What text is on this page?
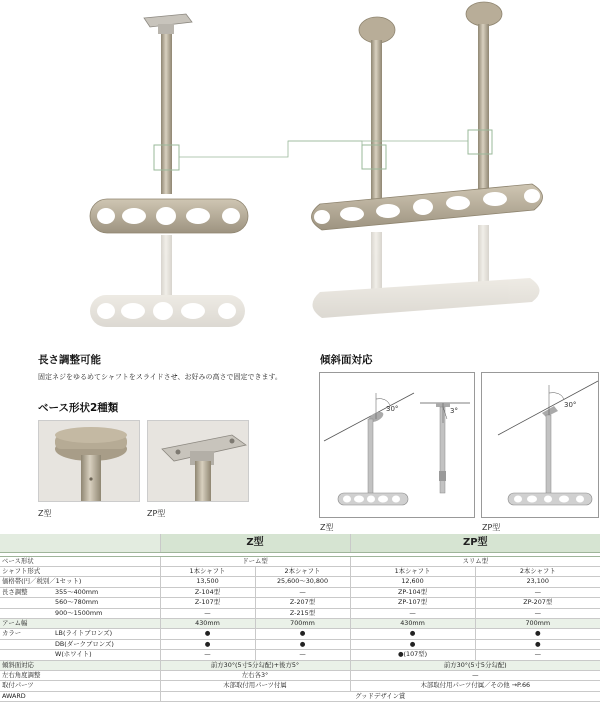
長さ調整可能
固定ネジをゆるめてシャフトをスライドさせ、お好みの高さで固定できます。
ベース形状2種類
Z型	ZP型
傾斜面対応
30°	3°
Z型
30°
ZP型
	Z型		ZP型	

ベース形状	ドーム型		スリム型	
シャフト形式	1本シャフト	2本シャフト	1本シャフト	2本シャフト
価格帯(円／税別／1セット)	13,500	25,600〜30,800	12,600	23,100
長さ調整 355〜400mm	Z-104型	—	ZP-104型	—
560〜780mm	Z-107型	Z-207型	ZP-107型	ZP-207型
900〜1500mm	—	Z-215型	—	—
アーム幅	430mm	700mm	430mm	700mm
カラー LB(ライトブロンズ)	●	●	●	●
DB(ダークブロンズ)	●	●	●	●
W(ホワイト)	—	—	●(107型)	—
傾斜面対応	前方30°(5寸5分勾配)+後方5°		前方30°(5寸5分勾配)	
左右角度調整	左右各3°		—	
取付パーツ	木部取付用パーツ付属		木部取付用パーツ付属／その他 →P.66	
AWARD	グッドデザイン賞			
